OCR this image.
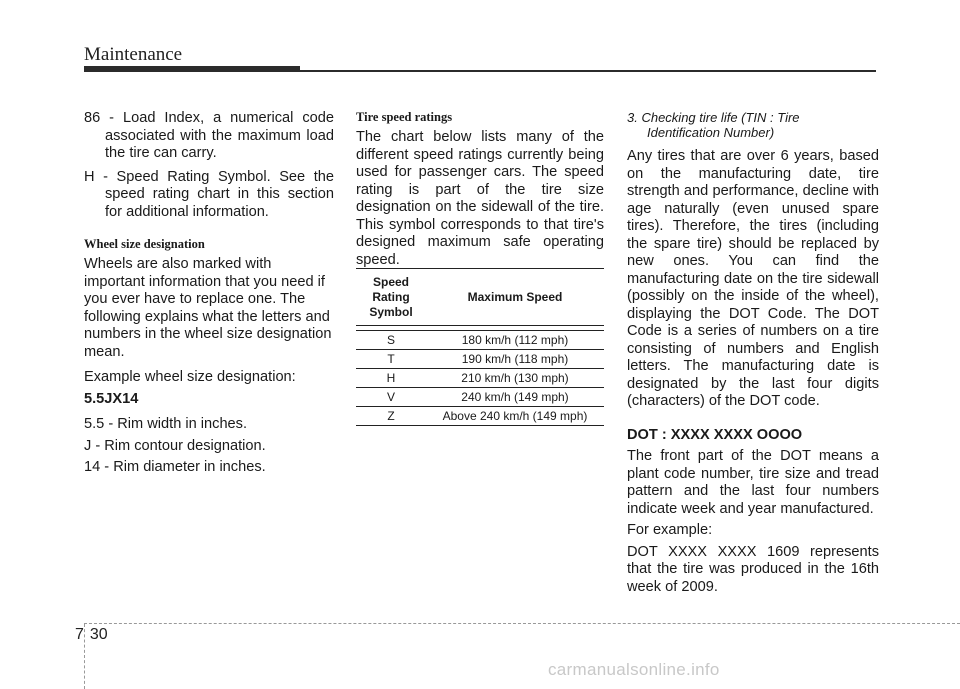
Maintenance

86 - Load Index, a numerical code associated with the maximum load the tire can carry.

H - Speed Rating Symbol. See the speed rating chart in this section for additional information.

Wheel size designation

Wheels are also marked with important information that you need if you ever have to replace one. The following explains what the letters and numbers in the wheel size designation mean.

Example wheel size designation:

5.5JX14

5.5 - Rim width in inches.

J - Rim contour designation.

14 - Rim diameter in inches.

Tire speed ratings

The chart below lists many of the different speed ratings currently being used for passenger cars. The speed rating is part of the tire size designation on the sidewall of the tire. This symbol corresponds to that tire's designed maximum safe operating speed.

Speed Rating Symbol	Maximum Speed

S	180 km/h (112 mph)
T	190 km/h (118 mph)
H	210 km/h (130 mph)
V	240 km/h (149 mph)
Z	Above 240 km/h (149 mph)

3. Checking tire life (TIN : Tire
Identification Number)

Any tires that are over 6 years, based on the manufacturing date, tire strength and performance, decline with age naturally (even unused spare tires). Therefore, the tires (including the spare tire) should be replaced by new ones. You can find the manufacturing date on the tire sidewall (possibly on the inside of the wheel), displaying the DOT Code. The DOT Code is a series of numbers on a tire consisting of numbers and English letters. The manufacturing date is designated by the last four digits (characters) of the DOT code.

DOT : XXXX XXXX OOOO

The front part of the DOT means a plant code number, tire size and tread pattern and the last four numbers indicate week and year manufactured.

For example:

DOT XXXX XXXX 1609 represents that the tire was produced in the 16th week of 2009.

7 30
carmanualsonline.info
